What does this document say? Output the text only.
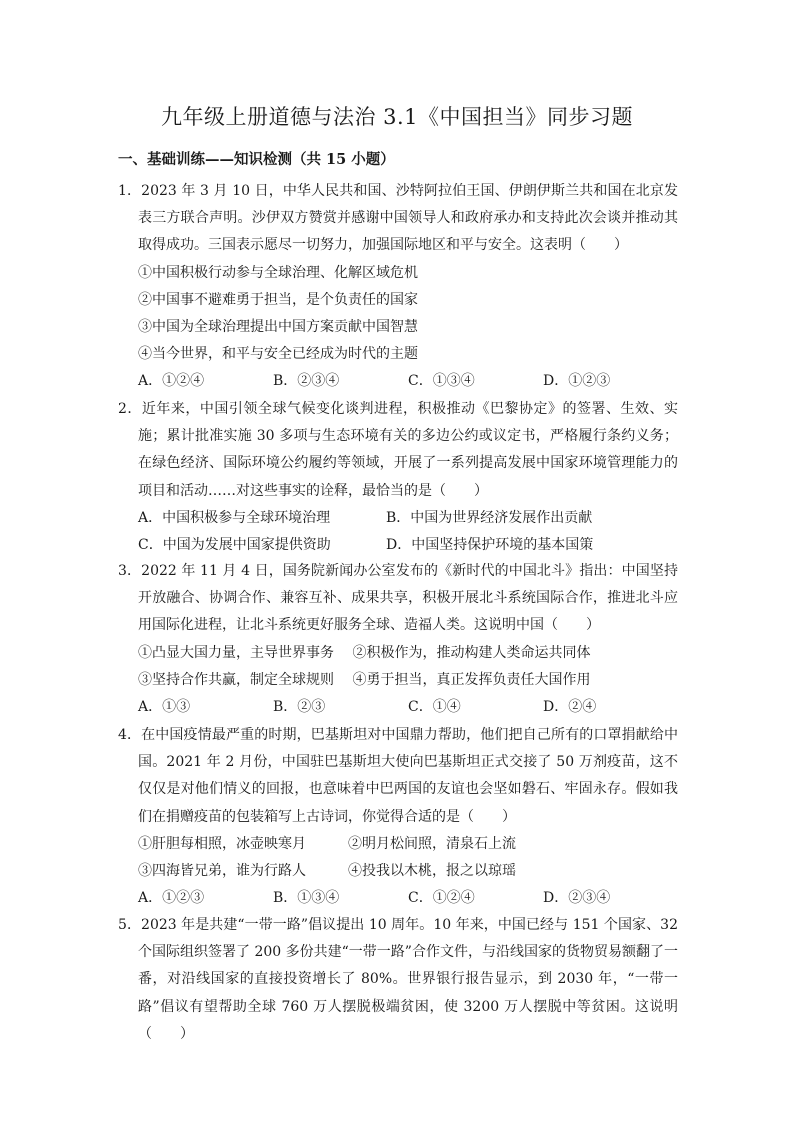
九年级上册道德与法治 3.1《中国担当》同步习题
一、基础训练——知识检测（共 15 小题）

1．2023 年 3 月 10 日，中华人民共和国、沙特阿拉伯王国、伊朗伊斯兰共和国在北京发表三方联合声明。沙伊双方赞赏并感谢中国领导人和政府承办和支持此次会谈并推动其取得成功。三国表示愿尽一切努力，加强国际地区和平与安全。这表明（　　）

①中国积极行动参与全球治理、化解区域危机

②中国事不避难勇于担当，是个负责任的国家

③中国为全球治理提出中国方案贡献中国智慧

④当今世界，和平与安全已经成为时代的主题

A．①②④	B．②③④	C．①③④	D．①②③

2．近年来，中国引领全球气候变化谈判进程，积极推动《巴黎协定》的签署、生效、实施；累计批准实施 30 多项与生态环境有关的多边公约或议定书，严格履行条约义务；在绿色经济、国际环境公约履约等领域，开展了一系列提高发展中国家环境管理能力的项目和活动……对这些事实的诠释，最恰当的是（　　）

A．中国积极参与全球环境治理	B．中国为世界经济发展作出贡献
C．中国为发展中国家提供资助	D．中国坚持保护环境的基本国策

3．2022 年 11 月 4 日，国务院新闻办公室发布的《新时代的中国北斗》指出：中国坚持开放融合、协调合作、兼容互补、成果共享，积极开展北斗系统国际合作，推进北斗应用国际化进程，让北斗系统更好服务全球、造福人类。这说明中国（　　）

①凸显大国力量，主导世界事务　 ②积极作为，推动构建人类命运共同体

③坚持合作共赢，制定全球规则　 ④勇于担当，真正发挥负责任大国作用

A．①③	B．②③	C．①④	D．②④

4．在中国疫情最严重的时期，巴基斯坦对中国鼎力帮助，他们把自己所有的口罩捐献给中国。2021 年 2 月份，中国驻巴基斯坦大使向巴基斯坦正式交接了 50 万剂疫苗，这不仅仅是对他们情义的回报，也意味着中巴两国的友谊也会坚如磐石、牢固永存。假如我们在捐赠疫苗的包装箱写上古诗词，你觉得合适的是（　　）

①肝胆每相照，冰壶映寒月　　　②明月松间照，清泉石上流

③四海皆兄弟，谁为行路人　　　④投我以木桃，报之以琼瑶

A．①②③	B．①③④	C．①②④	D．②③④

5．2023 年是共建“一带一路”倡议提出 10 周年。10 年来，中国已经与 151 个国家、32 个国际组织签署了 200 多份共建“一带一路”合作文件，与沿线国家的货物贸易额翻了一番，对沿线国家的直接投资增长了 80%。世界银行报告显示，到 2030 年，“一带一路”倡议有望帮助全球 760 万人摆脱极端贫困，使 3200 万人摆脱中等贫困。这说明（　　）
